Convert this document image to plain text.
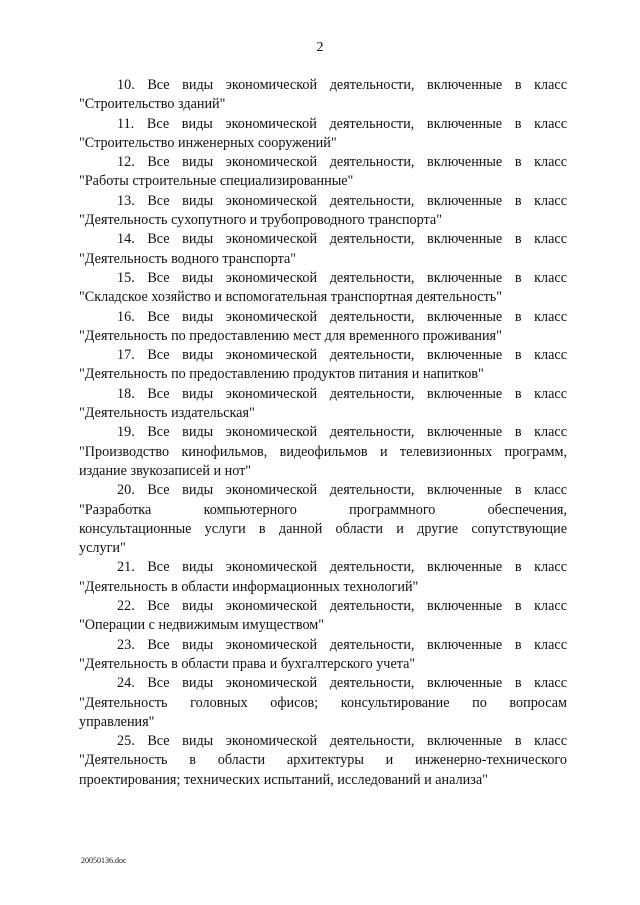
2
10. Все виды экономической деятельности, включенные в класс
"Строительство зданий"
11. Все виды экономической деятельности, включенные в класс
"Строительство инженерных сооружений"
12. Все виды экономической деятельности, включенные в класс
"Работы строительные специализированные"
13. Все виды экономической деятельности, включенные в класс
"Деятельность сухопутного и трубопроводного транспорта"
14. Все виды экономической деятельности, включенные в класс
"Деятельность водного транспорта"
15. Все виды экономической деятельности, включенные в класс
"Складское хозяйство и вспомогательная транспортная деятельность"
16. Все виды экономической деятельности, включенные в класс
"Деятельность по предоставлению мест для временного проживания"
17. Все виды экономической деятельности, включенные в класс
"Деятельность по предоставлению продуктов питания и напитков"
18. Все виды экономической деятельности, включенные в класс
"Деятельность издательская"
19. Все виды экономической деятельности, включенные в класс
"Производство кинофильмов, видеофильмов и телевизионных программ,
издание звукозаписей и нот"
20. Все виды экономической деятельности, включенные в класс
"Разработка компьютерного программного обеспечения,
консультационные услуги в данной области и другие сопутствующие
услуги"
21. Все виды экономической деятельности, включенные в класс
"Деятельность в области информационных технологий"
22. Все виды экономической деятельности, включенные в класс
"Операции с недвижимым имуществом"
23. Все виды экономической деятельности, включенные в класс
"Деятельность в области права и бухгалтерского учета"
24. Все виды экономической деятельности, включенные в класс
"Деятельность головных офисов; консультирование по вопросам
управления"
25. Все виды экономической деятельности, включенные в класс
"Деятельность в области архитектуры и инженерно-технического
проектирования; технических испытаний, исследований и анализа"
20050136.doc
